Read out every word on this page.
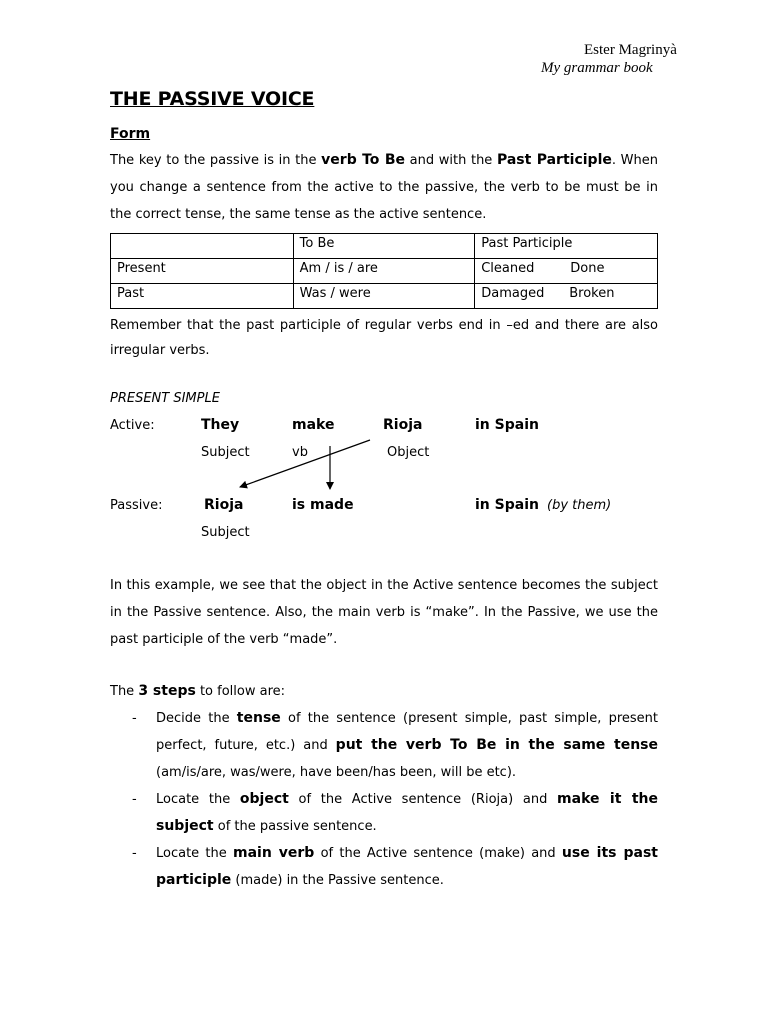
Ester Magrinyà
My grammar book
THE PASSIVE VOICE
Form
The key to the passive is in the verb To Be and with the Past Participle. When you change a sentence from the active to the passive, the verb to be must be in the correct tense, the same tense as the active sentence.
	To Be	Past Participle
Present	Am / is / are	Cleaned Done
Past	Was / were	Damaged Broken
Remember that the past participle of regular verbs end in –ed and there are also irregular verbs.
PRESENT SIMPLE
Active:	They	make	Rioja	in Spain
Subject	vb	Object
Passive:	Rioja	is made	in Spain (by them)
Subject
In this example, we see that the object in the Active sentence becomes the subject in the Passive sentence. Also, the main verb is “make”. In the Passive, we use the past participle of the verb “made”.
The 3 steps to follow are:
- Decide the tense of the sentence (present simple, past simple, present perfect, future, etc.) and put the verb To Be in the same tense (am/is/are, was/were, have been/has been, will be etc).
- Locate the object of the Active sentence (Rioja) and make it the subject of the passive sentence.
- Locate the main verb of the Active sentence (make) and use its past participle (made) in the Passive sentence.
